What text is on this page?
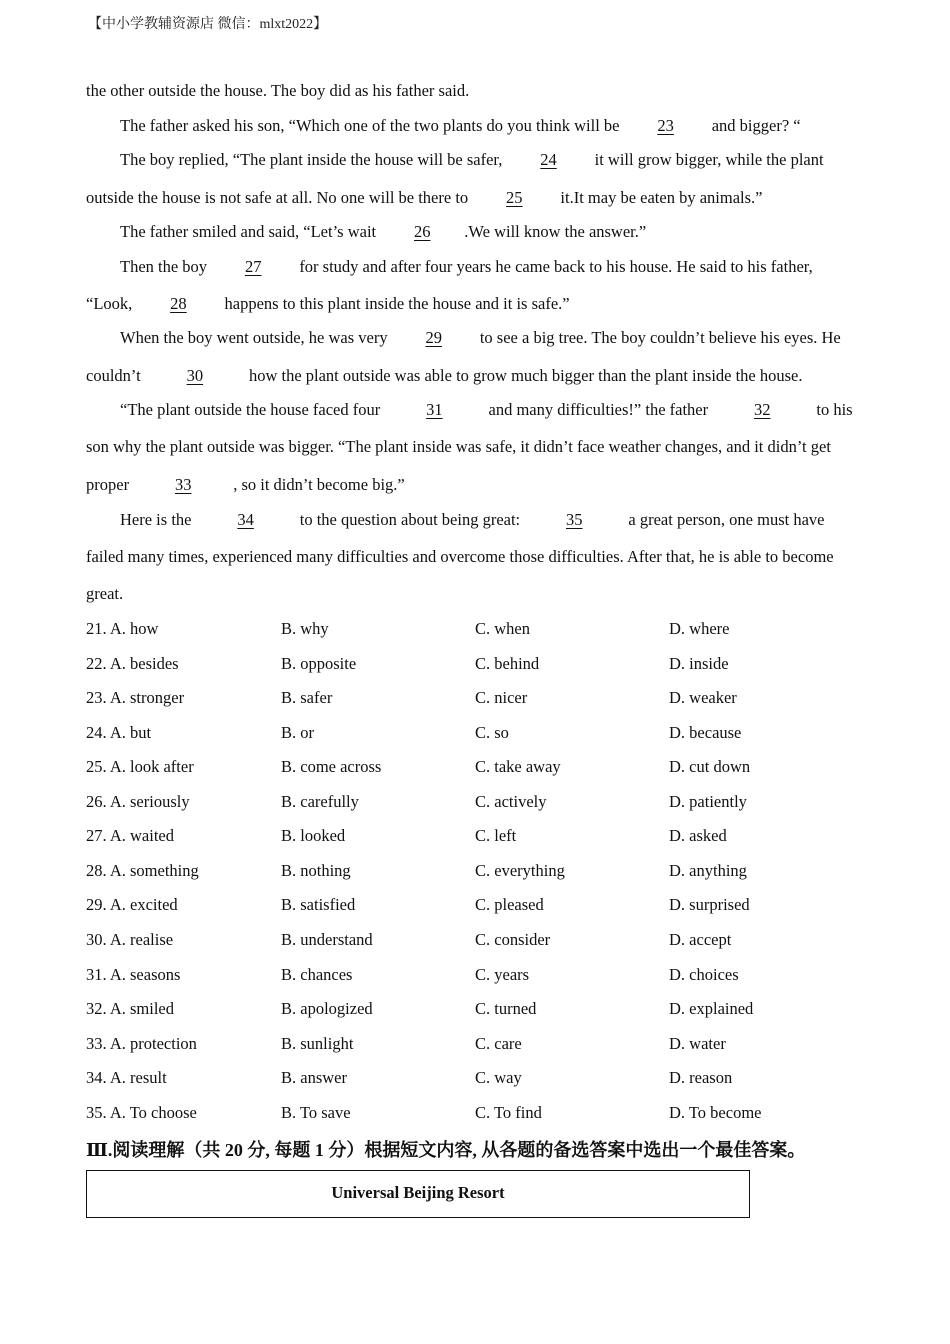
【中小学教辅资源店 微信：mlxt2022】
the other outside the house. The boy did as his father said.
The father asked his son, “Which one of the two plants do you think will be 23 and bigger? “
The boy replied, “The plant inside the house will be safer, 24 it will grow bigger, while the plant
outside the house is not safe at all. No one will be there to 25 it.It may be eaten by animals.”
The father smiled and said, “Let’s wait 26 .We will know the answer.”
Then the boy 27 for study and after four years he came back to his house. He said to his father,
“Look, 28 happens to this plant inside the house and it is safe.”
When the boy went outside, he was very 29 to see a big tree. The boy couldn’t believe his eyes. He
couldn’t	30	how the plant outside was able to grow much bigger than the plant inside the house.
“The plant outside the house faced four	31	and many difficulties!” the father	32	to his
son why the plant outside was bigger. “The plant inside was safe, it didn’t face weather changes, and it didn’t get
proper	33	, so it didn’t become big.”
Here is the	34	to the question about being great:	35	a great person, one must have
failed many times, experienced many difficulties and overcome those difficulties. After that, he is able to become
great.
21. A. how	B. why	C. when	D. where
22. A. besides	B. opposite	C. behind	D. inside
23. A. stronger	B. safer	C. nicer	D. weaker
24. A. but	B. or	C. so	D. because
25. A. look after	B. come across	C. take away	D. cut down
26. A. seriously	B. carefully	C. actively	D. patiently
27. A. waited	B. looked	C. left	D. asked
28. A. something	B. nothing	C. everything	D. anything
29. A. excited	B. satisfied	C. pleased	D. surprised
30. A. realise	B. understand	C. consider	D. accept
31. A. seasons	B. chances	C. years	D. choices
32. A. smiled	B. apologized	C. turned	D. explained
33. A. protection	B. sunlight	C. care	D. water
34. A. result	B. answer	C. way	D. reason
35. A. To choose	B. To save	C. To find	D. To become
Ⅲ.阅读理解（共 20 分, 每题 1 分）根据短文内容, 从各题的备选答案中选出一个最佳答案。
Universal Beijing Resort
